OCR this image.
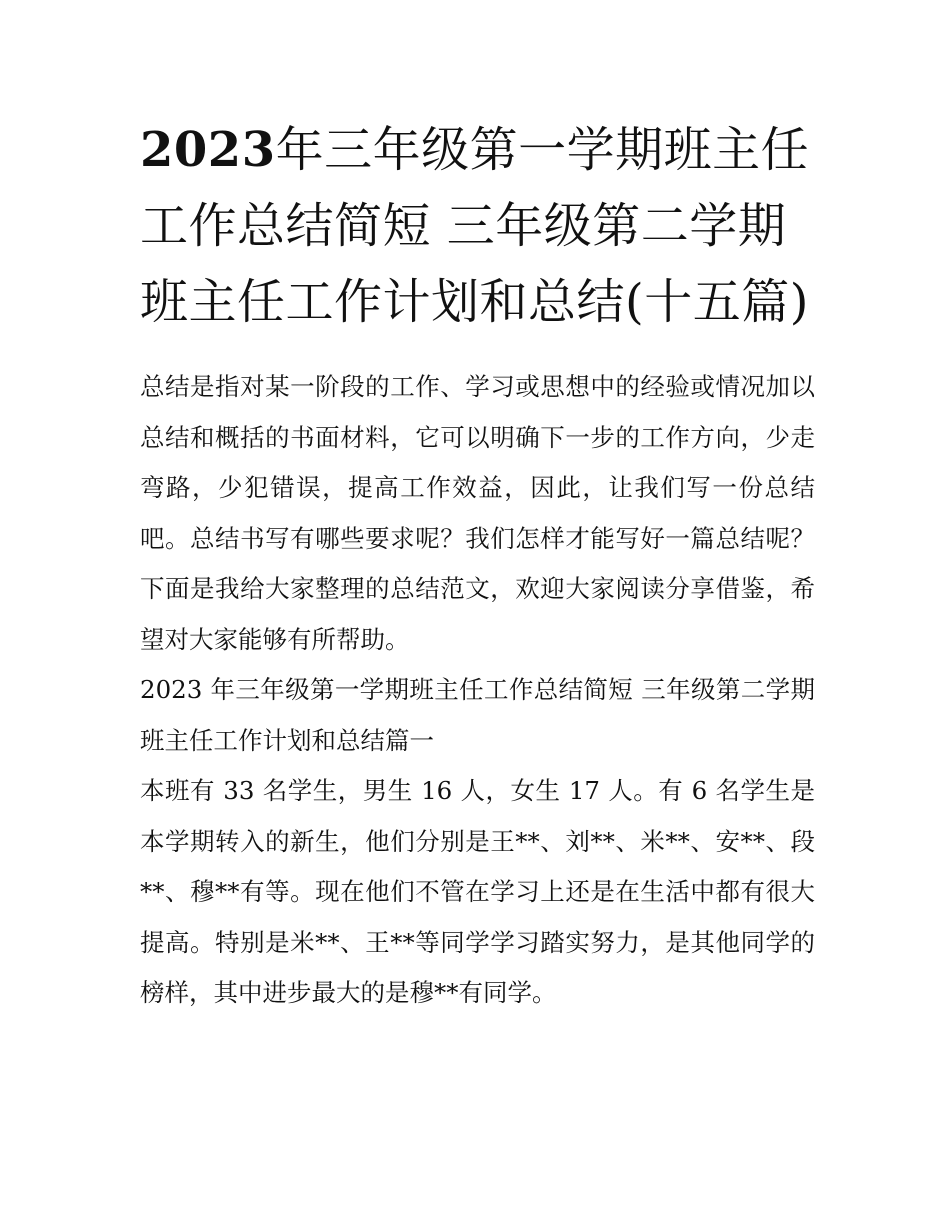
2023年三年级第一学期班主任工作总结简短 三年级第二学期班主任工作计划和总结(十五篇)

总结是指对某一阶段的工作、学习或思想中的经验或情况加以总结和概括的书面材料，它可以明确下一步的工作方向，少走弯路，少犯错误，提高工作效益，因此，让我们写一份总结吧。总结书写有哪些要求呢？我们怎样才能写好一篇总结呢？下面是我给大家整理的总结范文，欢迎大家阅读分享借鉴，希望对大家能够有所帮助。

2023 年三年级第一学期班主任工作总结简短 三年级第二学期班主任工作计划和总结篇一

本班有 33 名学生，男生 16 人，女生 17 人。有 6 名学生是本学期转入的新生，他们分别是王**、刘**、米**、安**、段**、穆**有等。现在他们不管在学习上还是在生活中都有很大提高。特别是米**、王**等同学学习踏实努力，是其他同学的榜样，其中进步最大的是穆**有同学。
